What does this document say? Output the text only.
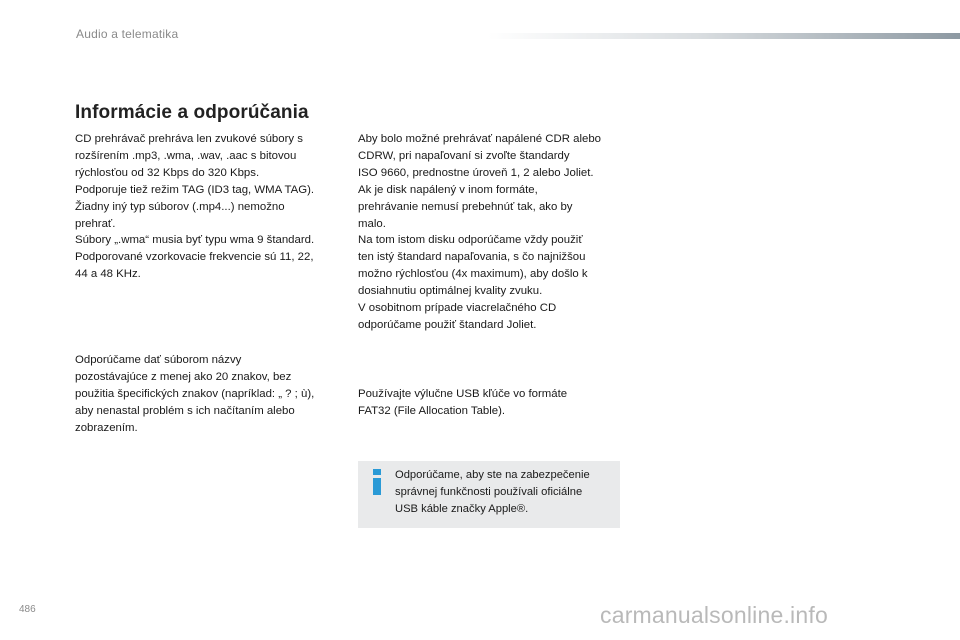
Audio a telematika
Informácie a odporúčania

CD prehrávač prehráva len zvukové súbory s
rozšírením .mp3, .wma, .wav, .aac s bitovou
rýchlosťou od 32 Kbps do 320 Kbps.
Podporuje tiež režim TAG (ID3 tag, WMA TAG).
Žiadny iný typ súborov (.mp4...) nemožno
prehrať.
Súbory „.wma“ musia byť typu wma 9 štandard.
Podporované vzorkovacie frekvencie sú 11, 22,
44 a 48 KHz.

Odporúčame dať súborom názvy
pozostávajúce z menej ako 20 znakov, bez
použitia špecifických znakov (napríklad: „ ? ; ù),
aby nenastal problém s ich načítaním alebo
zobrazením.

Aby bolo možné prehrávať napálené CDR alebo
CDRW, pri napaľovaní si zvoľte štandardy
ISO 9660, prednostne úroveň 1, 2 alebo Joliet.
Ak je disk napálený v inom formáte,
prehrávanie nemusí prebehnúť tak, ako by
malo.
Na tom istom disku odporúčame vždy použiť
ten istý štandard napaľovania, s čo najnižšou
možno rýchlosťou (4x maximum), aby došlo k
dosiahnutiu optimálnej kvality zvuku.
V osobitnom prípade viacrelačného CD
odporúčame použiť štandard Joliet.

Používajte výlučne USB kľúče vo formáte
FAT32 (File Allocation Table).

Odporúčame, aby ste na zabezpečenie
správnej funkčnosti používali oficiálne
USB káble značky Apple®.
486	carmanualsonline.info
